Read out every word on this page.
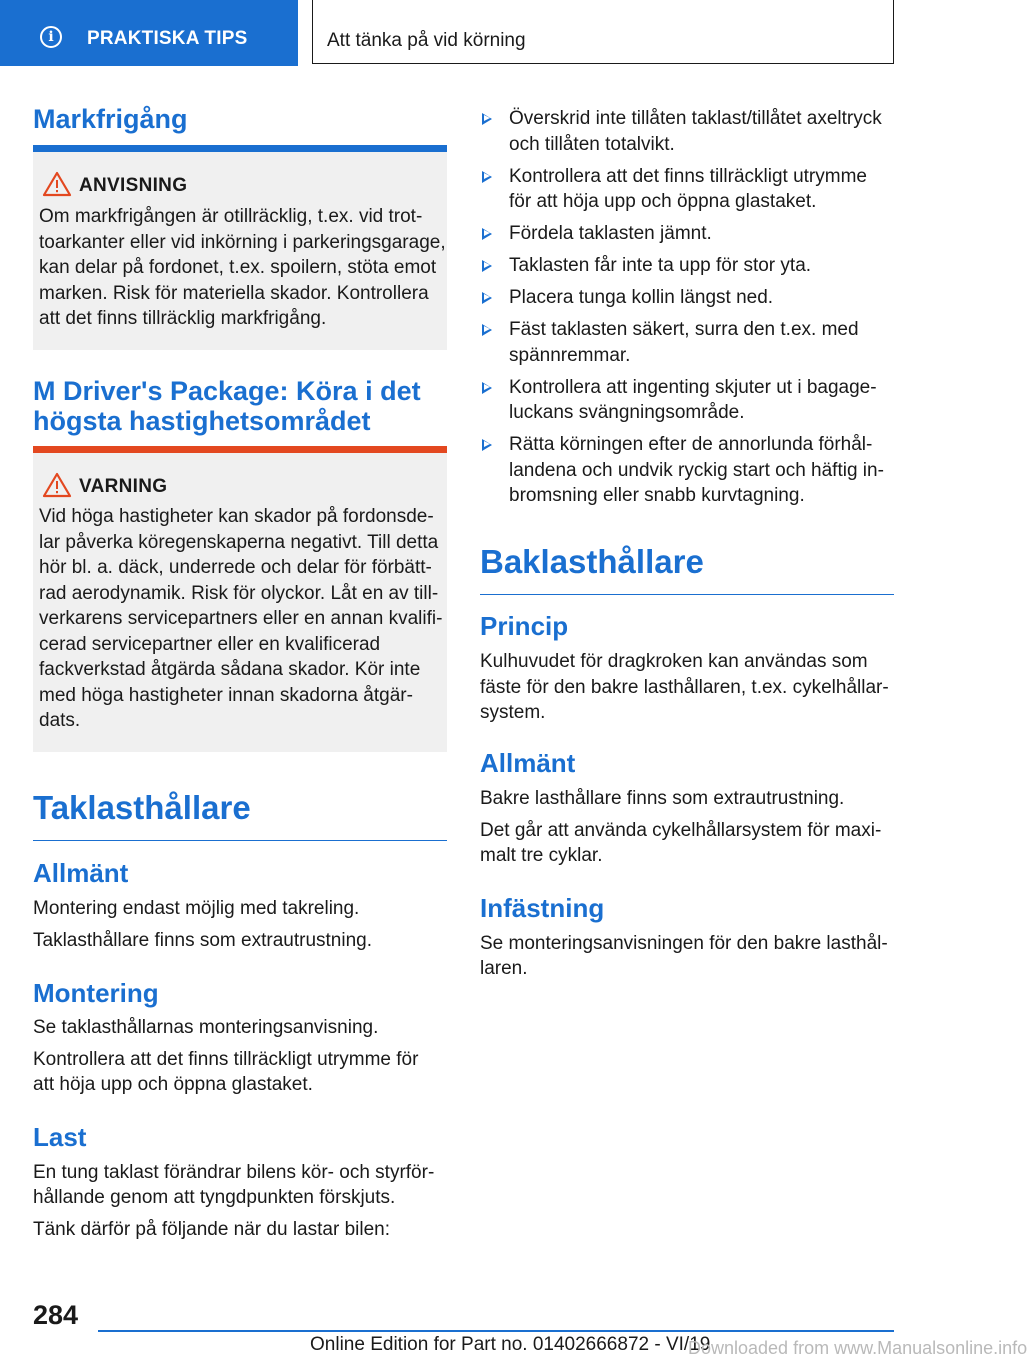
i	PRAKTISKA TIPS	Att tänka på vid körning
Markfrigång
ANVISNING
Om markfrigången är otillräcklig, t.ex. vid trot‐
toarkanter eller vid inkörning i parkeringsgarage,
kan delar på fordonet, t.ex. spoilern, stöta emot
marken. Risk för materiella skador. Kontrollera
att det finns tillräcklig markfrigång.
M Driver's Package: Köra i det
högsta hastighetsområdet
VARNING
Vid höga hastigheter kan skador på fordonsde‐
lar påverka köregenskaperna negativt. Till detta
hör bl. a. däck, underrede och delar för förbätt‐
rad aerodynamik. Risk för olyckor. Låt en av till‐
verkarens servicepartners eller en annan kvalifi‐
cerad servicepartner eller en kvalificerad
fackverkstad åtgärda sådana skador. Kör inte
med höga hastigheter innan skadorna åtgär‐
dats.
Taklasthållare
Allmänt

Montering endast möjlig med takreling.

Taklasthållare finns som extrautrustning.

Montering

Se taklasthållarnas monteringsanvisning.

Kontrollera att det finns tillräckligt utrymme för

att höja upp och öppna glastaket.

Last

En tung taklast förändrar bilens kör- och styrför‐

hållande genom att tyngdpunkten förskjuts.

Tänk därför på följande när du lastar bilen:

Överskrid inte tillåten taklast/tillåtet axeltryck
och tillåten totalvikt.
Kontrollera att det finns tillräckligt utrymme
för att höja upp och öppna glastaket.
Fördela taklasten jämnt.
Taklasten får inte ta upp för stor yta.
Placera tunga kollin längst ned.
Fäst taklasten säkert, surra den t.ex. med
spännremmar.
Kontrollera att ingenting skjuter ut i bagage‐
luckans svängningsområde.
Rätta körningen efter de annorlunda förhål‐
landena och undvik ryckig start och häftig in‐
bromsning eller snabb kurvtagning.
Baklasthållare
Princip

Kulhuvudet för dragkroken kan användas som

fäste för den bakre lasthållaren, t.ex. cykelhållar‐

system.

Allmänt

Bakre lasthållare finns som extrautrustning.

Det går att använda cykelhållarsystem för maxi‐

malt tre cyklar.

Infästning

Se monteringsanvisningen för den bakre lasthål‐

laren.

284
Online Edition for Part no. 01402666872 - VI/19
Downloaded from www.Manualsonline.info
